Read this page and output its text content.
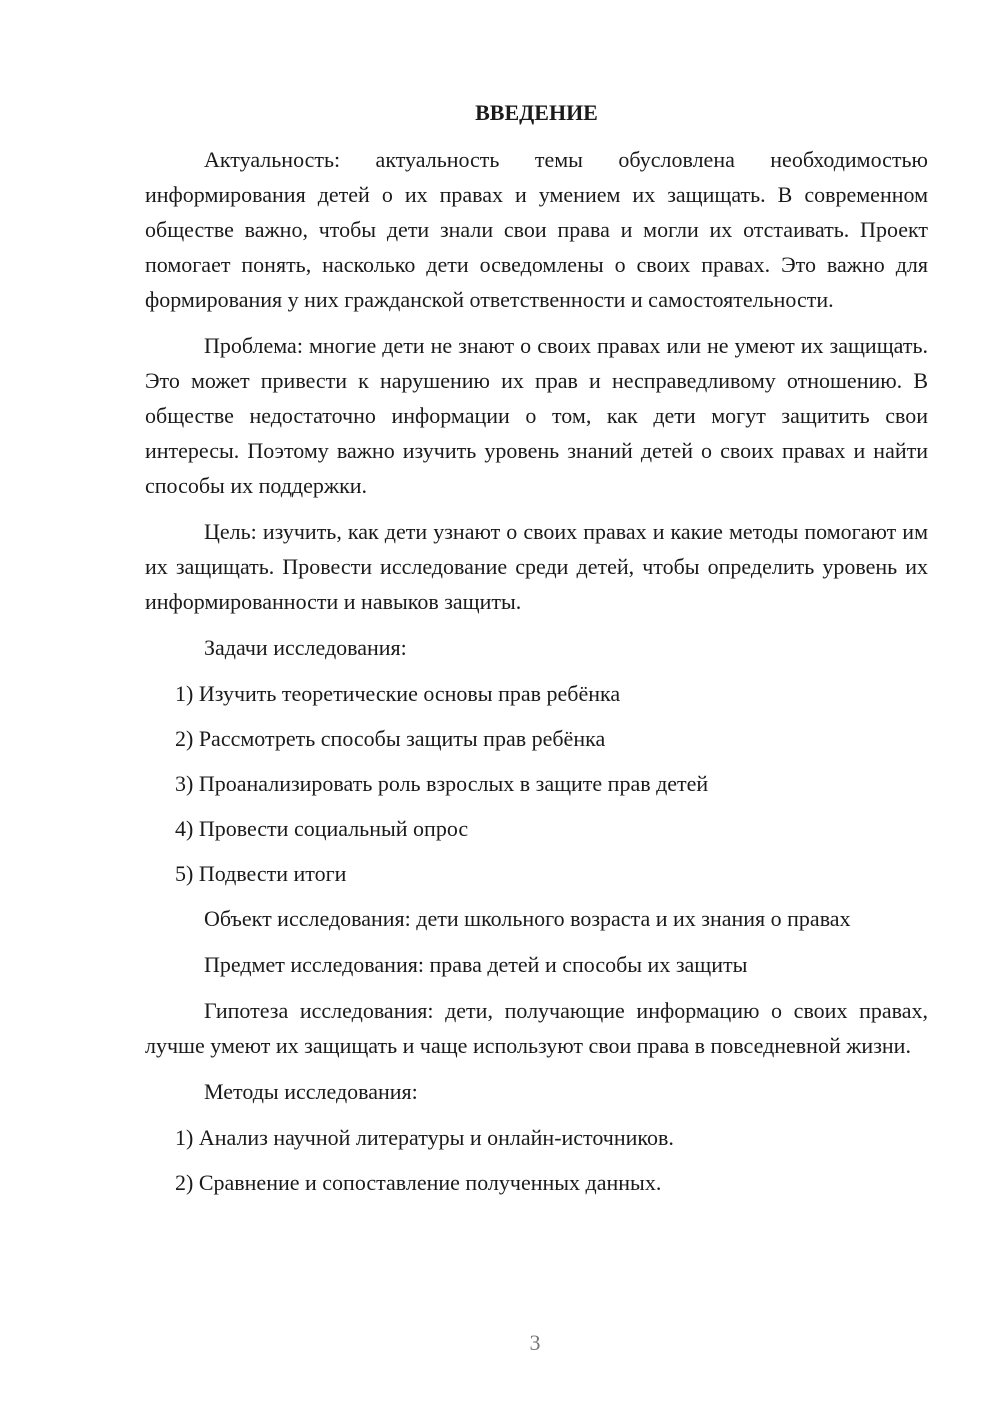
ВВЕДЕНИЕ

Актуальность: актуальность темы обусловлена необходимостью информирования детей о их правах и умением их защищать. В современном обществе важно, чтобы дети знали свои права и могли их отстаивать. Проект помогает понять, насколько дети осведомлены о своих правах. Это важно для формирования у них гражданской ответственности и самостоятельности.

Проблема: многие дети не знают о своих правах или не умеют их защищать. Это может привести к нарушению их прав и несправедливому отношению. В обществе недостаточно информации о том, как дети могут защитить свои интересы. Поэтому важно изучить уровень знаний детей о своих правах и найти способы их поддержки.

Цель: изучить, как дети узнают о своих правах и какие методы помогают им их защищать. Провести исследование среди детей, чтобы определить уровень их информированности и навыков защиты.

Задачи исследования:

1) Изучить теоретические основы прав ребёнка
2) Рассмотреть способы защиты прав ребёнка
3) Проанализировать роль взрослых в защите прав детей
4) Провести социальный опрос
5) Подвести итоги

Объект исследования: дети школьного возраста и их знания о правах

Предмет исследования: права детей и способы их защиты

Гипотеза исследования: дети, получающие информацию о своих правах, лучше умеют их защищать и чаще используют свои права в повседневной жизни.

Методы исследования:

1) Анализ научной литературы и онлайн-источников.
2) Сравнение и сопоставление полученных данных.
3
